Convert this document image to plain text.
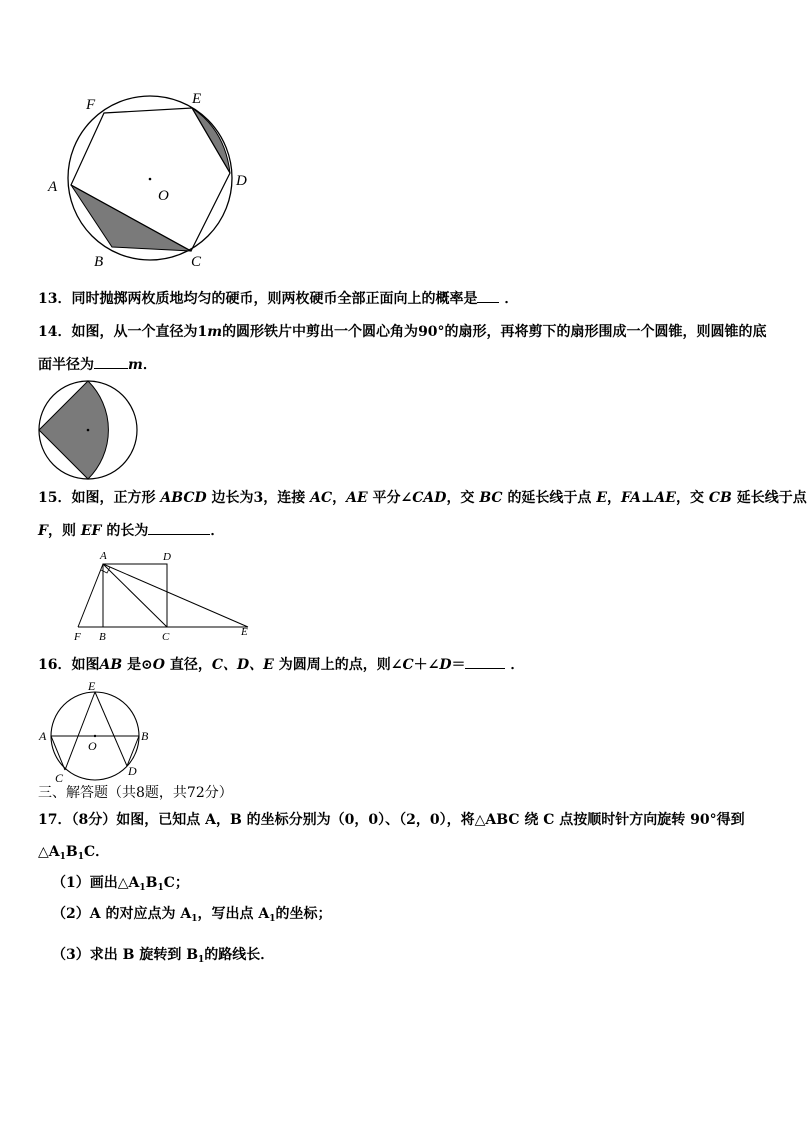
F	E
D
A
O
B	C
13．同时抛掷两枚质地均匀的硬币，则两枚硬币全部正面向上的概率是 ．
14．如图，从一个直径为1m的圆形铁片中剪出一个圆心角为90°的扇形，再将剪下的扇形围成一个圆锥，则圆锥的底
面半径为 m．
15．如图，正方形 ABCD 边长为3，连接 AC，AE 平分∠CAD，交 BC 的延长线于点 E，FA⊥AE，交 CB 延长线于点
F，则 EF 的长为	．
A	D
F B	C	E
16．如图AB 是⊙O 直径，C、D、E 为圆周上的点，则∠C＋∠D＝	．
E
A
O
B
C	D
三、解答题（共8题，共72分）
17．（8分）如图，已知点 A，B 的坐标分别为（0，0）、（2，0），将△ABC 绕 C 点按顺时针方向旋转 90°得到
$\triangle A_1B_1C$．
（1）画出$\triangle A_1B_1C$；
（2）A 的对应点为 $A_1$，写出点 $A_1$的坐标；
（3）求出 B 旋转到 $B_1$的路线长．
